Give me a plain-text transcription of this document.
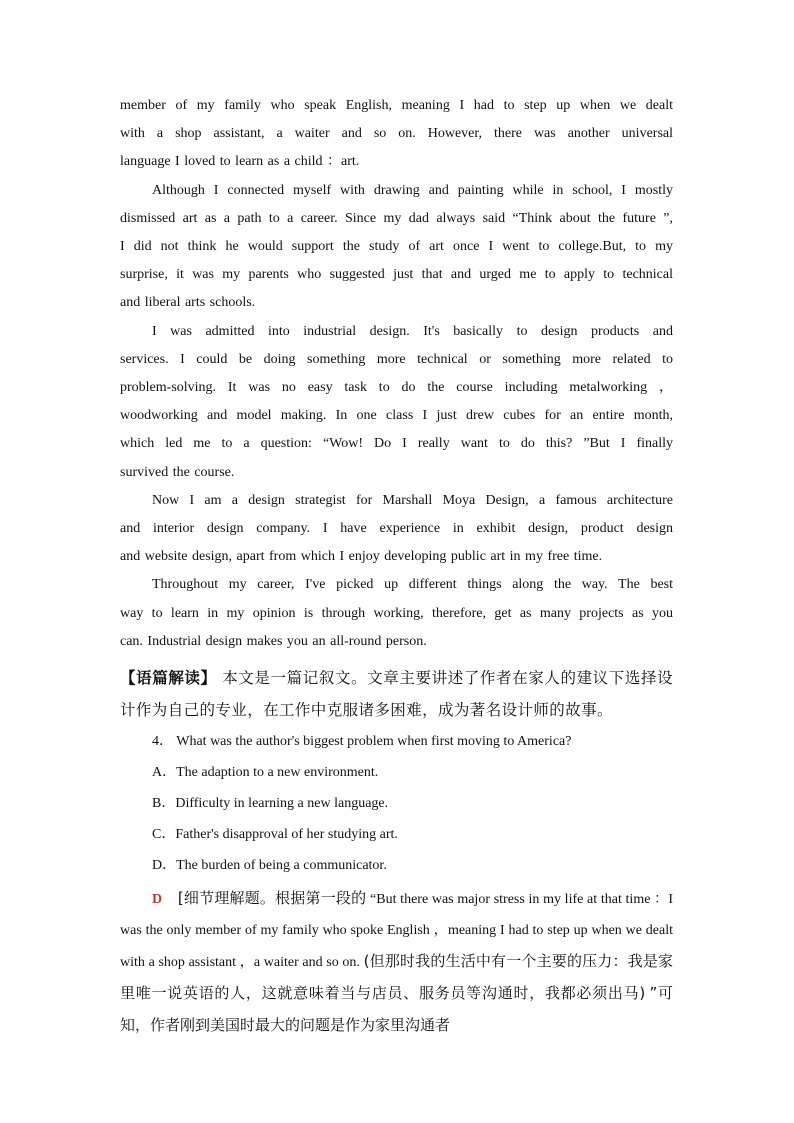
member of my family who speak English, meaning I had to step up when we dealt

with a shop assistant, a waiter and so on. However, there was another universal

language I loved to learn as a child ：art.

Although I connected myself with drawing and painting while in school, I mostly

dismissed art as a path to a career. Since my dad always said “Think about the future ”,

I did not think he would support the study of art once I went to college.But, to my

surprise, it was my parents who suggested just that and urged me to apply to technical

and liberal arts schools.

I was admitted into industrial design. It's basically to design products and

services. I could be doing something more technical or something more related to

problem‑solving. It was no easy task to do the course including metalworking ，

woodworking and model making. In one class I just drew cubes for an entire month,

which led me to a question: “Wow! Do I really want to do this? ”But I finally

survived the course.

Now I am a design strategist for Marshall Moya Design, a famous architecture

and interior design company. I have experience in exhibit design, product design

and website design, apart from which I enjoy developing public art in my free time.

Throughout my career, I've picked up different things along the way. The best

way to learn in my opinion is through working, therefore, get as many projects as you

can. Industrial design makes you an all‑round person.

【语篇解读】 本文是一篇记叙文。文章主要讲述了作者在家人的建议下选择设计作为自己的专业，在工作中克服诸多困难，成为著名设计师的故事。

4． What was the author's biggest problem when first moving to America?

A．The adaption to a new environment.

B．Difficulty in learning a new language.

C．Father's disapproval of her studying art.

D．The burden of being a communicator.

D [细节理解题。根据第一段的 “But there was major stress in my life at that time ：I was the only member of my family who spoke English ，meaning I had to step up when we dealt with a shop assistant ，a waiter and so on. (但那时我的生活中有一个主要的压力：我是家里唯一说英语的人，这就意味着当与店员、服务员等沟通时，我都必须出马) ”可知，作者刚到美国时最大的问题是作为家里沟通者
